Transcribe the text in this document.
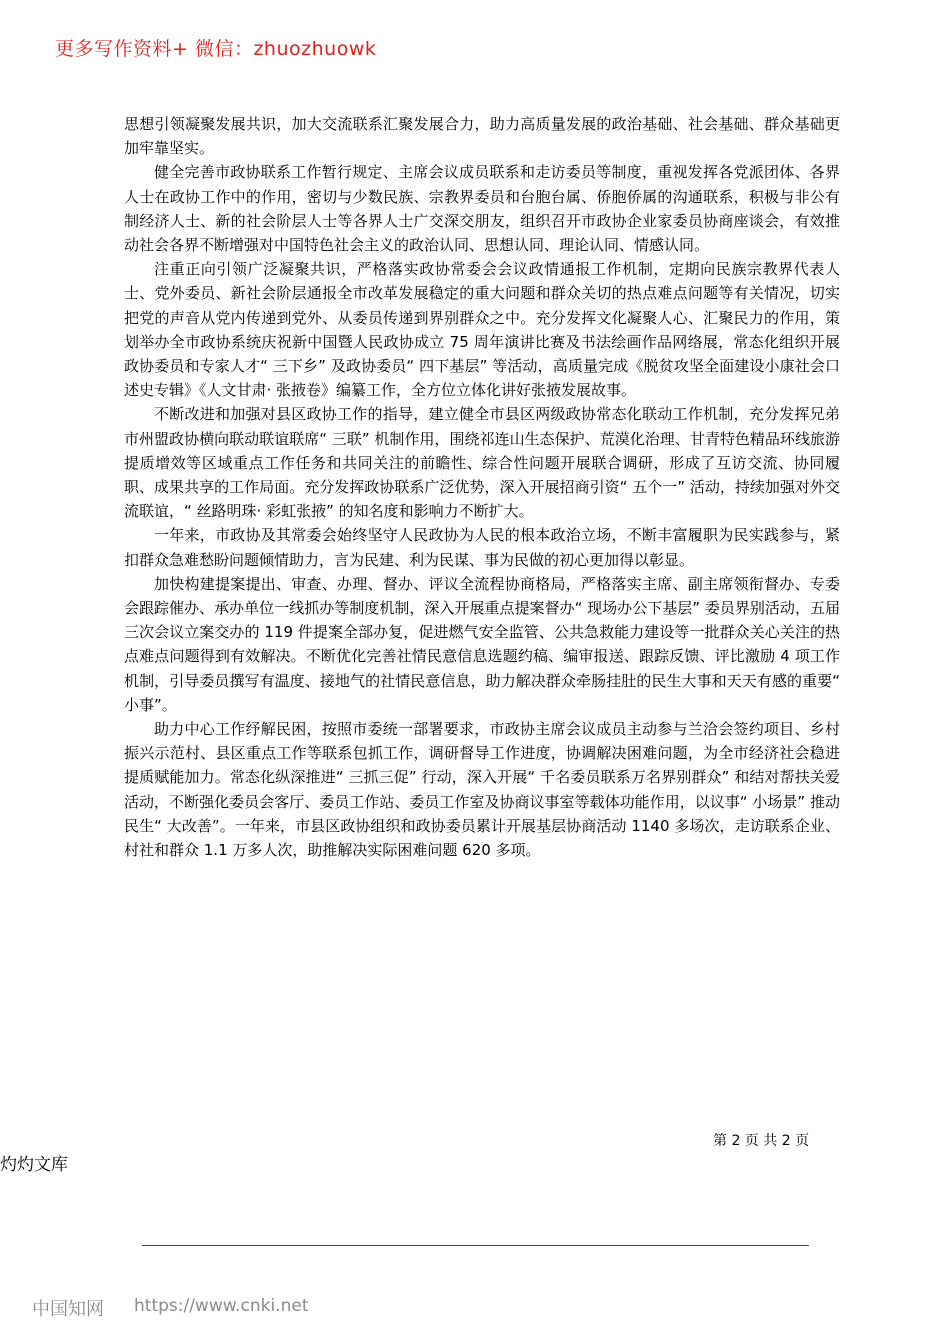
更多写作资料+ 微信：zhuozhuowk

思想引领凝聚发展共识，加大交流联系汇聚发展合力，助力高质量发展的政治基础、社会基础、群众基础更加牢靠坚实。

健全完善市政协联系工作暂行规定、主席会议成员联系和走访委员等制度，重视发挥各党派团体、各界人士在政协工作中的作用，密切与少数民族、宗教界委员和台胞台属、侨胞侨属的沟通联系，积极与非公有制经济人士、新的社会阶层人士等各界人士广交深交朋友，组织召开市政协企业家委员协商座谈会，有效推动社会各界不断增强对中国特色社会主义的政治认同、思想认同、理论认同、情感认同。

注重正向引领广泛凝聚共识，严格落实政协常委会会议政情通报工作机制，定期向民族宗教界代表人士、党外委员、新社会阶层通报全市改革发展稳定的重大问题和群众关切的热点难点问题等有关情况，切实把党的声音从党内传递到党外、从委员传递到界别群众之中。充分发挥文化凝聚人心、汇聚民力的作用，策划举办全市政协系统庆祝新中国暨人民政协成立 75 周年演讲比赛及书法绘画作品网络展，常态化组织开展政协委员和专家人才“ 三下乡” 及政协委员“ 四下基层” 等活动，高质量完成《脱贫攻坚全面建设小康社会口述史专辑》《人文甘肃· 张掖卷》编纂工作，全方位立体化讲好张掖发展故事。

不断改进和加强对县区政协工作的指导，建立健全市县区两级政协常态化联动工作机制，充分发挥兄弟市州盟政协横向联动联谊联席“ 三联” 机制作用，围绕祁连山生态保护、荒漠化治理、甘青特色精品环线旅游提质增效等区域重点工作任务和共同关注的前瞻性、综合性问题开展联合调研，形成了互访交流、协同履职、成果共享的工作局面。充分发挥政协联系广泛优势，深入开展招商引资“ 五个一” 活动，持续加强对外交流联谊，“ 丝路明珠· 彩虹张掖” 的知名度和影响力不断扩大。

一年来，市政协及其常委会始终坚守人民政协为人民的根本政治立场，不断丰富履职为民实践参与，紧扣群众急难愁盼问题倾情助力，言为民建、利为民谋、事为民做的初心更加得以彰显。

加快构建提案提出、审查、办理、督办、评议全流程协商格局，严格落实主席、副主席领衔督办、专委会跟踪催办、承办单位一线抓办等制度机制，深入开展重点提案督办“ 现场办公下基层” 委员界别活动，五届三次会议立案交办的 119 件提案全部办复，促进燃气安全监管、公共急救能力建设等一批群众关心关注的热点难点问题得到有效解决。不断优化完善社情民意信息选题约稿、编审报送、跟踪反馈、评比激励 4 项工作机制，引导委员撰写有温度、接地气的社情民意信息，助力解决群众牵肠挂肚的民生大事和天天有感的重要“ 小事”。

助力中心工作纾解民困，按照市委统一部署要求，市政协主席会议成员主动参与兰洽会签约项目、乡村振兴示范村、县区重点工作等联系包抓工作，调研督导工作进度，协调解决困难问题，为全市经济社会稳进提质赋能加力。常态化纵深推进“ 三抓三促” 行动，深入开展“ 千名委员联系万名界别群众” 和结对帮扶关爱活动，不断强化委员会客厅、委员工作站、委员工作室及协商议事室等载体功能作用，以议事“ 小场景” 推动民生“ 大改善”。一年来，市县区政协组织和政协委员累计开展基层协商活动 1140 多场次，走访联系企业、村社和群众 1.1 万多人次，助推解决实际困难问题 620 多项。

第 2 页 共 2 页
灼灼文库
中国知网 https://www.cnki.net
